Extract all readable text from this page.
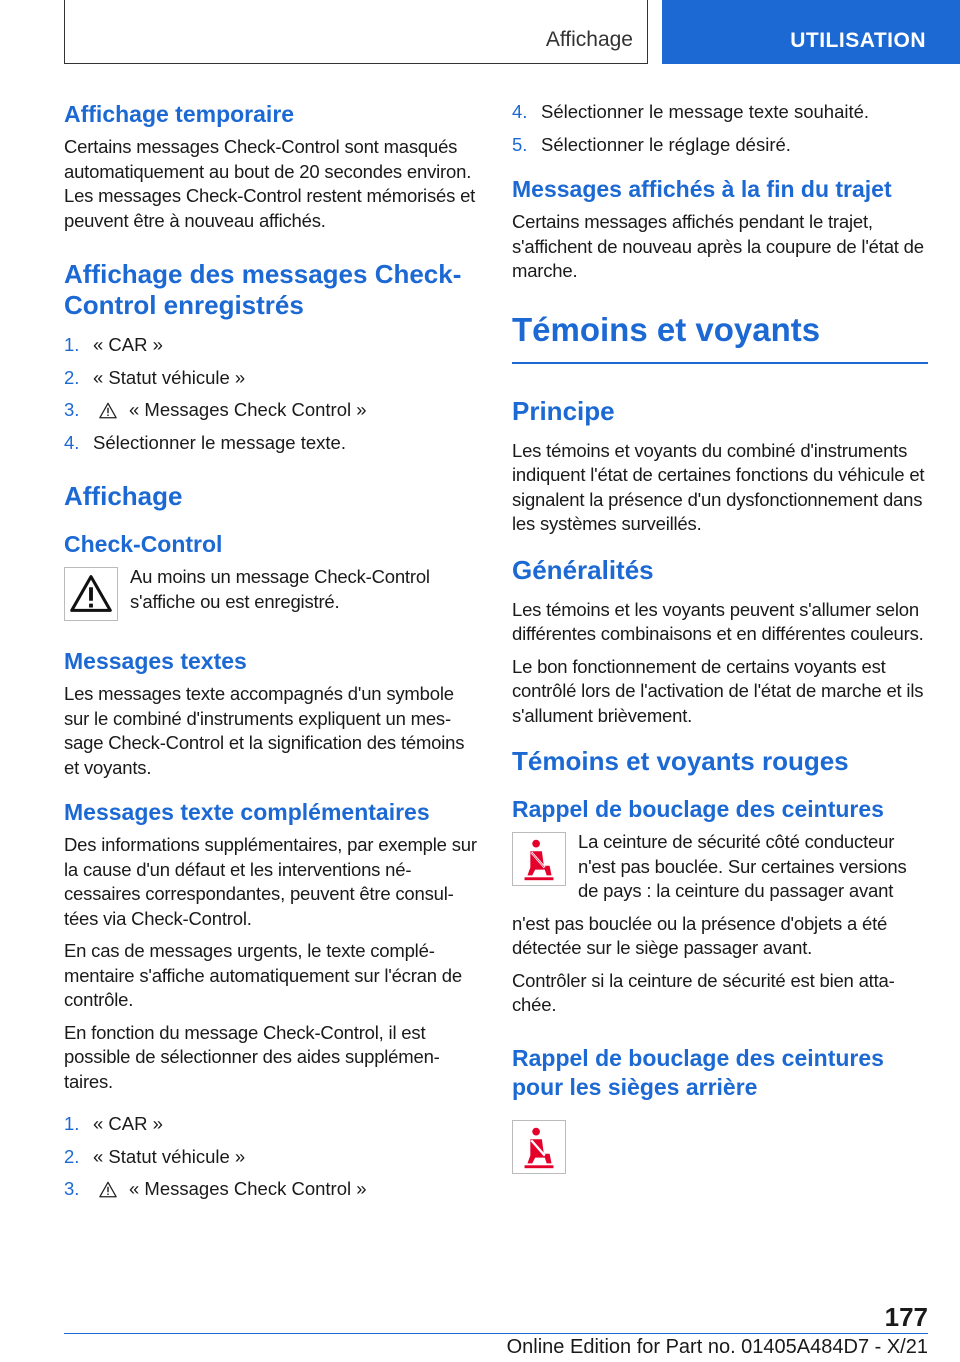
Affichage	UTILISATION
Affichage temporaire

Certains messages Check-Control sont masqués automatiquement au bout de 20 secondes environ. Les messages Check-Control restent mémorisés et peuvent être à nouveau affichés.

Affichage des messages Check-Control enregistrés
1. « CAR »
2. « Statut véhicule »
3.	« Messages Check Control »
4. Sélectionner le message texte.
Affichage
Check-Control

Au moins un message Check-Control s'affiche ou est enregistré.

Messages textes

Les messages texte accompagnés d'un symbole sur le combiné d'instruments expliquent un message Check-Control et la signification des témoins et voyants.

Messages texte complémentaires

Des informations supplémentaires, par exemple sur la cause d'un défaut et les interventions nécessaires correspondantes, peuvent être consultées via Check-Control.

En cas de messages urgents, le texte complémentaire s'affiche automatiquement sur l'écran de contrôle.

En fonction du message Check-Control, il est possible de sélectionner des aides supplémentaires.

1. « CAR »
2. « Statut véhicule »
3.	« Messages Check Control »
4. Sélectionner le message texte souhaité.
5. Sélectionner le réglage désiré.
Messages affichés à la fin du trajet

Certains messages affichés pendant le trajet, s'affichent de nouveau après la coupure de l'état de marche.

Témoins et voyants
Principe

Les témoins et voyants du combiné d'instruments indiquent l'état de certaines fonctions du véhicule et signalent la présence d'un dysfonctionnement dans les systèmes surveillés.

Généralités

Les témoins et les voyants peuvent s'allumer selon différentes combinaisons et en différentes couleurs.

Le bon fonctionnement de certains voyants est contrôlé lors de l'activation de l'état de marche et ils s'allument brièvement.

Témoins et voyants rouges
Rappel de bouclage des ceintures

La ceinture de sécurité côté conducteur n'est pas bouclée. Sur certaines versions de pays : la ceinture du passager avant

n'est pas bouclée ou la présence d'objets a été détectée sur le siège passager avant.

Contrôler si la ceinture de sécurité est bien attachée.

Rappel de bouclage des ceintures pour les sièges arrière
177
Online Edition for Part no. 01405A484D7 - X/21
